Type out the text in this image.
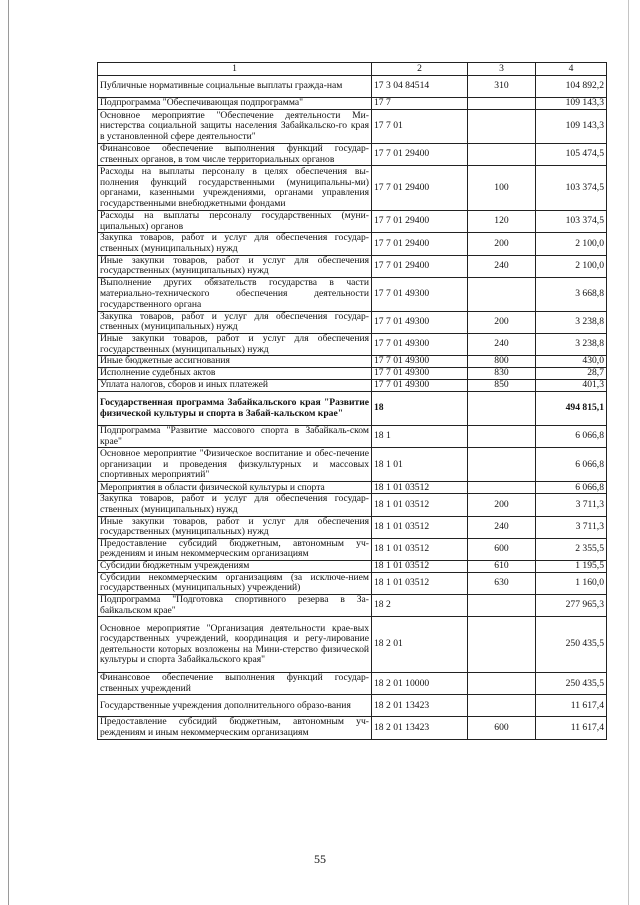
1	2	3	4
Публичные нормативные социальные выплаты гражда-нам	17 3 04 84514	310	104 892,2
Подпрограмма "Обеспечивающая подпрограмма"	17 7		109 143,3
Основное мероприятие "Обеспечение деятельности Ми-нистерства социальной защиты населения Забайкальско-го края в установленной сфере деятельности"	17 7 01		109 143,3
Финансовое обеспечение выполнения функций государ-ственных органов, в том числе территориальных органов	17 7 01 29400		105 474,5
Расходы на выплаты персоналу в целях обеспечения вы-полнения функций государственными (муниципальны-ми) органами, казенными учреждениями, органами управления государственными внебюджетными фондами	17 7 01 29400	100	103 374,5
Расходы на выплаты персоналу государственных (муни-ципальных) органов	17 7 01 29400	120	103 374,5
Закупка товаров, работ и услуг для обеспечения государ-ственных (муниципальных) нужд	17 7 01 29400	200	2 100,0
Иные закупки товаров, работ и услуг для обеспечения государственных (муниципальных) нужд	17 7 01 29400	240	2 100,0
Выполнение других обязательств государства в части материально-технического обеспечения деятельности государственного органа	17 7 01 49300		3 668,8
Закупка товаров, работ и услуг для обеспечения государ-ственных (муниципальных) нужд	17 7 01 49300	200	3 238,8
Иные закупки товаров, работ и услуг для обеспечения государственных (муниципальных) нужд	17 7 01 49300	240	3 238,8
Иные бюджетные ассигнования	17 7 01 49300	800	430,0
Исполнение судебных актов	17 7 01 49300	830	28,7
Уплата налогов, сборов и иных платежей	17 7 01 49300	850	401,3
Государственная программа Забайкальского края "Развитие физической культуры и спорта в Забай-кальском крае"	18		494 815,1
Подпрограмма "Развитие массового спорта в Забайкаль-ском крае"	18 1		6 066,8
Основное мероприятие "Физическое воспитание и обес-печение организации и проведения физкультурных и массовых спортивных мероприятий"	18 1 01		6 066,8
Мероприятия в области физической культуры и спорта	18 1 01 03512		6 066,8
Закупка товаров, работ и услуг для обеспечения государ-ственных (муниципальных) нужд	18 1 01 03512	200	3 711,3
Иные закупки товаров, работ и услуг для обеспечения государственных (муниципальных) нужд	18 1 01 03512	240	3 711,3
Предоставление субсидий бюджетным, автономным уч-реждениям и иным некоммерческим организациям	18 1 01 03512	600	2 355,5
Субсидии бюджетным учреждениям	18 1 01 03512	610	1 195,5
Субсидии некоммерческим организациям (за исключе-нием государственных (муниципальных) учреждений)	18 1 01 03512	630	1 160,0
Подпрограмма "Подготовка спортивного резерва в За-байкальском крае"	18 2		277 965,3
Основное мероприятие "Организация деятельности крае-вых государственных учреждений, координация и регу-лирование деятельности которых возложены на Мини-стерство физической культуры и спорта Забайкальского края"	18 2 01		250 435,5
Финансовое обеспечение выполнения функций государ-ственных учреждений	18 2 01 10000		250 435,5
Государственные учреждения дополнительного образо-вания	18 2 01 13423		11 617,4
Предоставление субсидий бюджетным, автономным уч-реждениям и иным некоммерческим организациям	18 2 01 13423	600	11 617,4
55
